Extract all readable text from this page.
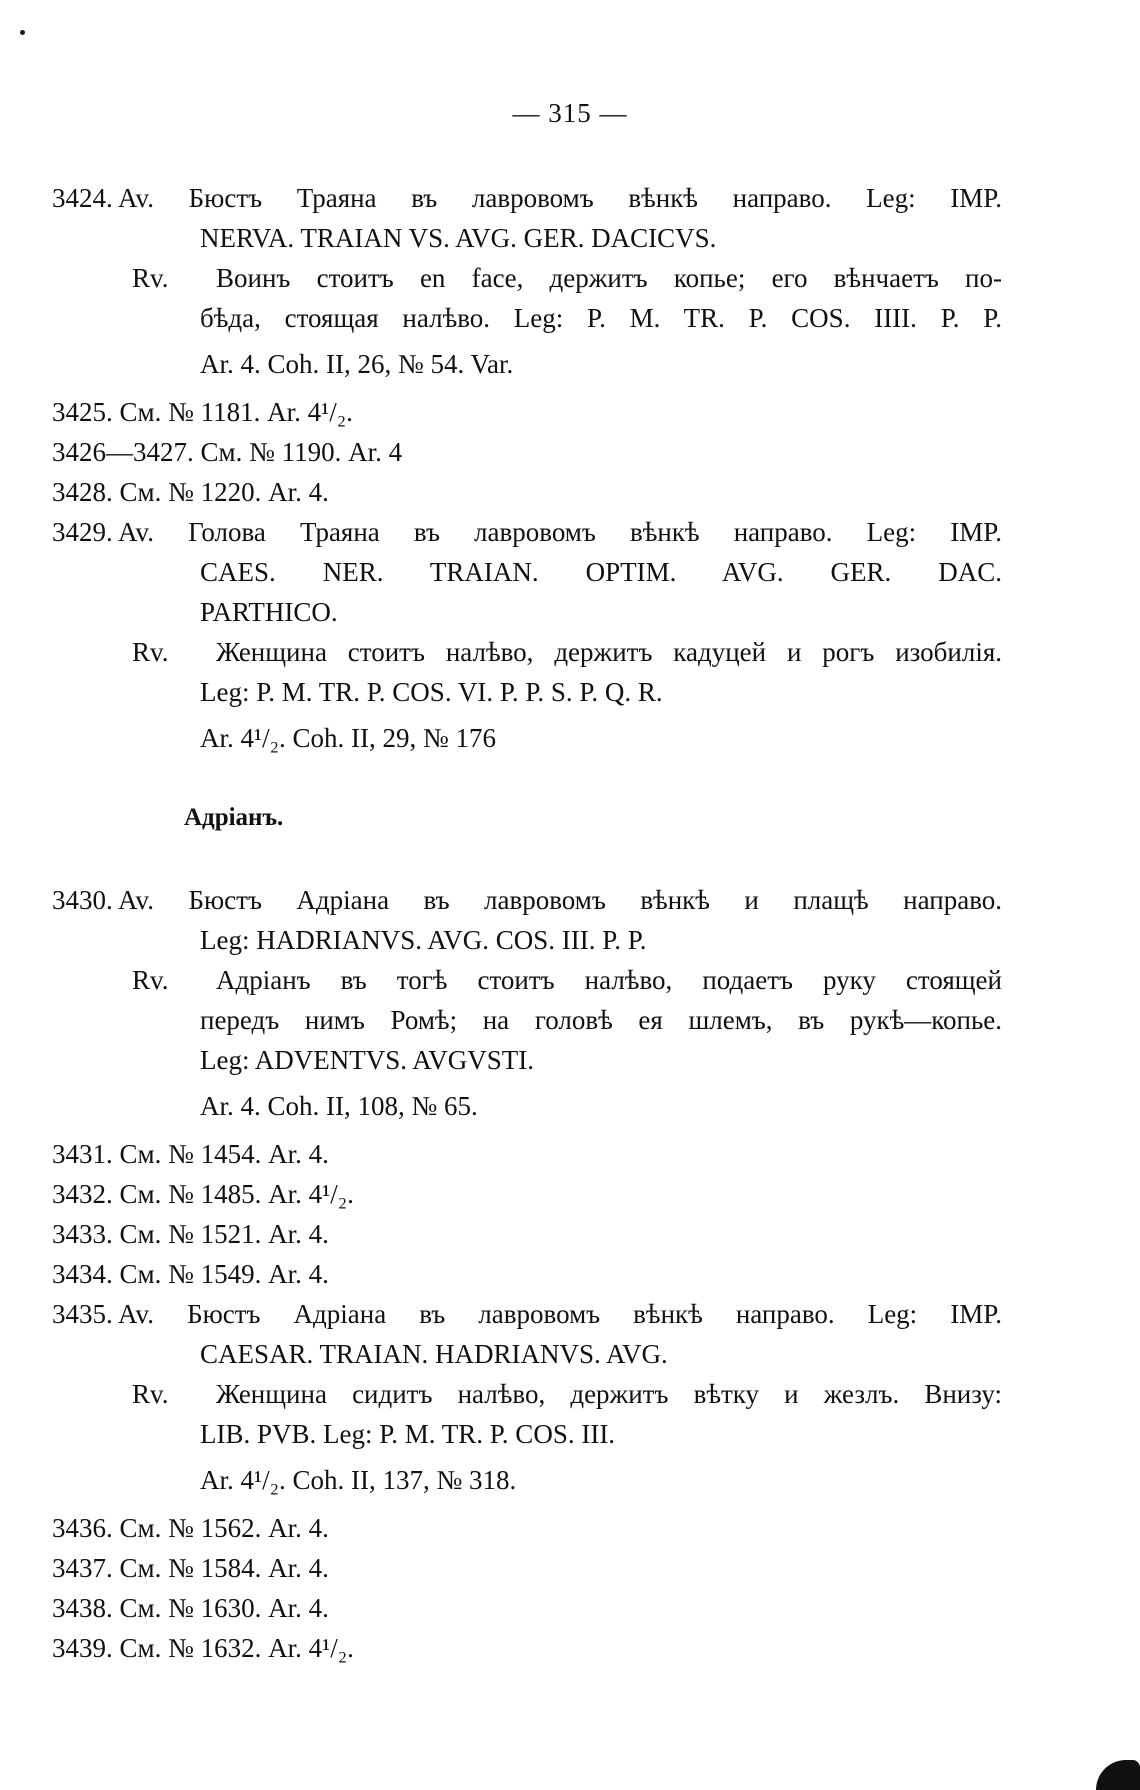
— 315 —

3424. Av. Бюстъ Траяна въ лавровомъ вѣнкѣ направо. Leg: IMP.

NERVA. TRAIAN VS. AVG. GER. DACICVS.

Rv. Воинъ стоитъ en face, держитъ копье; его вѣнчаетъ по-

бѣда, стоящая налѣво. Leg: P. M. TR. P. COS. IIII. P. P.

Ar. 4. Coh. II, 26, № 54. Var.

3425. См. № 1181. Ar. 4¹/₂.

3426—3427. См. № 1190. Ar. 4

3428. См. № 1220. Ar. 4.

3429. Av. Голова Траяна въ лавровомъ вѣнкѣ направо. Leg: IMP.

CAES. NER. TRAIAN. OPTIM. AVG. GER. DAC.

PARTHICO.

Rv. Женщина стоитъ налѣво, держитъ кадуцей и рогъ изобилія.

Leg: P. M. TR. P. COS. VI. P. P. S. P. Q. R.

Ar. 4¹/₂. Coh. II, 29, № 176

Адріанъ.

3430. Av. Бюстъ Адріана въ лавровомъ вѣнкѣ и плащѣ направо.

Leg: HADRIANVS. AVG. COS. III. P. P.

Rv. Адріанъ въ тогѣ стоитъ налѣво, подаетъ руку стоящей

передъ нимъ Ромѣ; на головѣ ея шлемъ, въ рукѣ—копье.

Leg: ADVENTVS. AVGVSTI.

Ar. 4. Coh. II, 108, № 65.

3431. См. № 1454. Ar. 4.

3432. См. № 1485. Ar. 4¹/₂.

3433. См. № 1521. Ar. 4.

3434. См. № 1549. Ar. 4.

3435. Av. Бюстъ Адріана въ лавровомъ вѣнкѣ направо. Leg: IMP.

CAESAR. TRAIAN. HADRIANVS. AVG.

Rv. Женщина сидитъ налѣво, держитъ вѣтку и жезлъ. Внизу:

LIB. PVB. Leg: P. M. TR. P. COS. III.

Ar. 4¹/₂. Coh. II, 137, № 318.

3436. См. № 1562. Ar. 4.

3437. См. № 1584. Ar. 4.

3438. См. № 1630. Ar. 4.

3439. См. № 1632. Ar. 4¹/₂.
